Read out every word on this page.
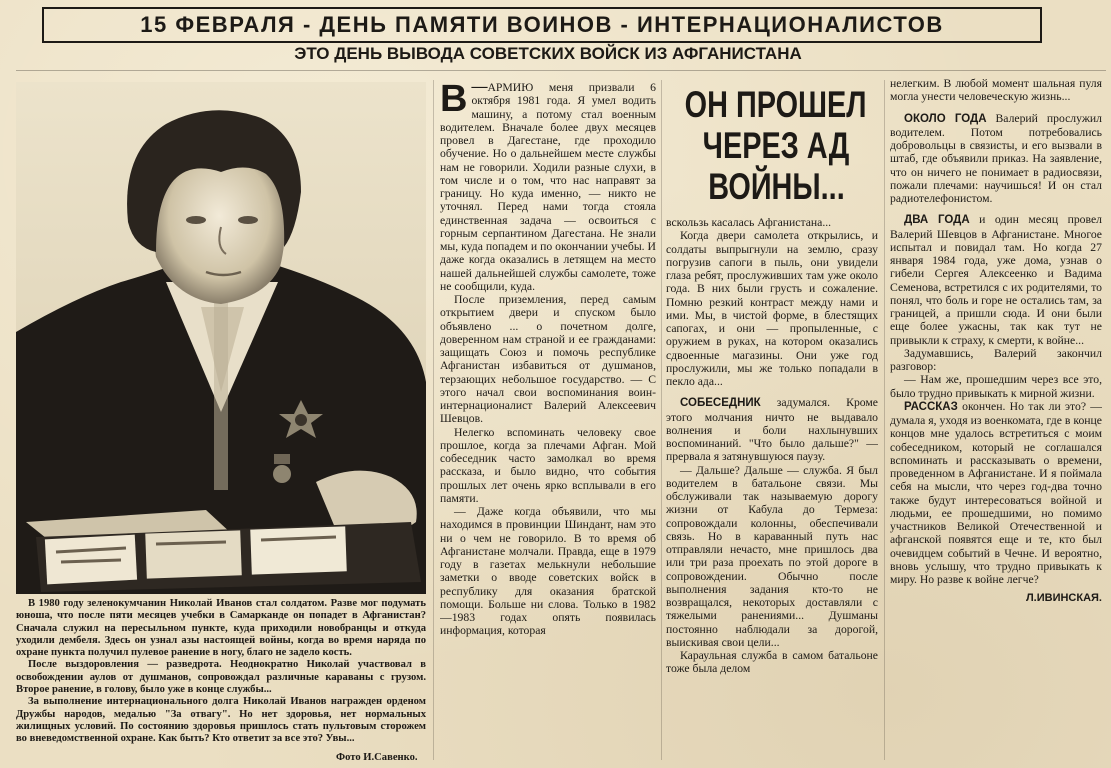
15 ФЕВРАЛЯ - ДЕНЬ ПАМЯТИ ВОИНОВ - ИНТЕРНАЦИОНАЛИСТОВ
ЭТО ДЕНЬ ВЫВОДА СОВЕТСКИХ ВОЙСК ИЗ АФГАНИСТАНА

В 1980 году зеленокумчанин Николай Иванов стал солдатом. Разве мог подумать юноша, что после пяти месяцев учебки в Самарканде он попадет в Афганистан? Сначала служил на пересыльном пункте, куда приходили новобранцы и откуда уходили дембеля. Здесь он узнал азы настоящей войны, когда во время наряда по охране пункта получил пулевое ранение в ногу, благо не задело кость.

После выздоровления — разведрота. Неоднократно Николай участвовал в освобождении аулов от душманов, сопровождал различные караваны с грузом. Второе ранение, в голову, было уже в конце службы...

За выполнение интернационального долга Николай Иванов награжден орденом Дружбы народов, медалью "За отвагу". Но нет здоровья, нет нормальных жилищных условий. По состоянию здоровья пришлось стать пультовым сторожем во вневедомственной охране. Как быть? Кто ответит за все это? Увы...

Фото И.Савенко.

—
В АРМИЮ меня призвали 6 октября 1981 года. Я умел водить машину, а потому стал военным водителем. Вначале более двух месяцев провел в Дагестане, где проходило обучение. Но о дальнейшем месте службы нам не говорили. Ходили разные слухи, в том числе и о том, что нас направят за границу. Но куда именно, — никто не уточнял. Перед нами тогда стояла единственная задача — освоиться с горным серпантином Дагестана. Не знали мы, куда попадем и по окончании учебы. И даже когда оказались в летящем на место нашей дальнейшей службы самолете, тоже не сообщили, куда.

После приземления, перед самым открытием двери и спуском было объявлено ... о почетном долге, доверенном нам страной и ее гражданами: защищать Союз и помочь республике Афганистан избавиться от душманов, терзающих небольшое государство. — С этого начал свои воспоминания воин-интернационалист Валерий Алексеевич Шевцов.

Нелегко вспоминать человеку свое прошлое, когда за плечами Афган. Мой собеседник часто замолкал во время рассказа, и было видно, что события прошлых лет очень ярко всплывали в его памяти.

— Даже когда объявили, что мы находимся в провинции Шиндант, нам это ни о чем не говорило. В то время об Афганистане молчали. Правда, еще в 1979 году в газетах мелькнули небольшие заметки о вводе советских войск в республику для оказания братской помощи. Больше ни слова. Только в 1982—1983 годах опять появилась информация, которая

ОН ПРОШЕЛ
ЧЕРЕЗ АД
ВОЙНЫ...

вскользь касалась Афганистана...

Когда двери самолета открылись, и солдаты выпрыгнули на землю, сразу погрузив сапоги в пыль, они увидели глаза ребят, прослуживших там уже около года. В них были грусть и сожаление. Помню резкий контраст между нами и ими. Мы, в чистой форме, в блестящих сапогах, и они — пропыленные, с оружием в руках, на котором оказались сдвоенные магазины. Они уже год прослужили, мы же только попадали в пекло ада...

СОБЕСЕДНИК задумался. Кроме этого молчания ничто не выдавало волнения и боли нахлынувших воспоминаний. "Что было дальше?" — прервала я затянувшуюся паузу.

— Дальше? Дальше — служба. Я был водителем в батальоне связи. Мы обслуживали так называемую дорогу жизни от Кабула до Термеза: сопровождали колонны, обеспечивали связь. Но в караванный путь нас отправляли нечасто, мне пришлось два или три раза проехать по этой дороге в сопровождении. Обычно после выполнения задания кто-то не возвращался, некоторых доставляли с тяжелыми ранениями... Душманы постоянно наблюдали за дорогой, выискивая свои цели...

Караульная служба в самом батальоне тоже была делом

нелегким. В любой момент шальная пуля могла унести человеческую жизнь...

ОКОЛО ГОДА Валерий прослужил водителем. Потом потребовались добровольцы в связисты, и его вызвали в штаб, где объявили приказ. На заявление, что он ничего не понимает в радиосвязи, пожали плечами: научишься! И он стал радиотелефонистом.

ДВА ГОДА и один месяц провел Валерий Шевцов в Афганистане. Многое испытал и повидал там. Но когда 27 января 1984 года, уже дома, узнав о гибели Сергея Алексеенко и Вадима Семенова, встретился с их родителями, то понял, что боль и горе не остались там, за границей, а пришли сюда. И они были еще более ужасны, так как тут не привыкли к страху, к смерти, к войне...

Задумавшись, Валерий закончил разговор:

— Нам же, прошедшим через все это, было трудно привыкать к мирной жизни.

РАССКАЗ окончен. Но так ли это? — думала я, уходя из военкомата, где в конце концов мне удалось встретиться с моим собеседником, который не соглашался вспоминать и рассказывать о времени, проведенном в Афганистане. И я поймала себя на мысли, что через год-два точно также будут интересоваться войной и людьми, ее прошедшими, но помимо участников Великой Отечественной и афганской появятся еще и те, кто был очевидцем событий в Чечне. И вероятно, вновь услышу, что трудно привыкать к миру. Но разве к войне легче?

Л.ИВИНСКАЯ.
